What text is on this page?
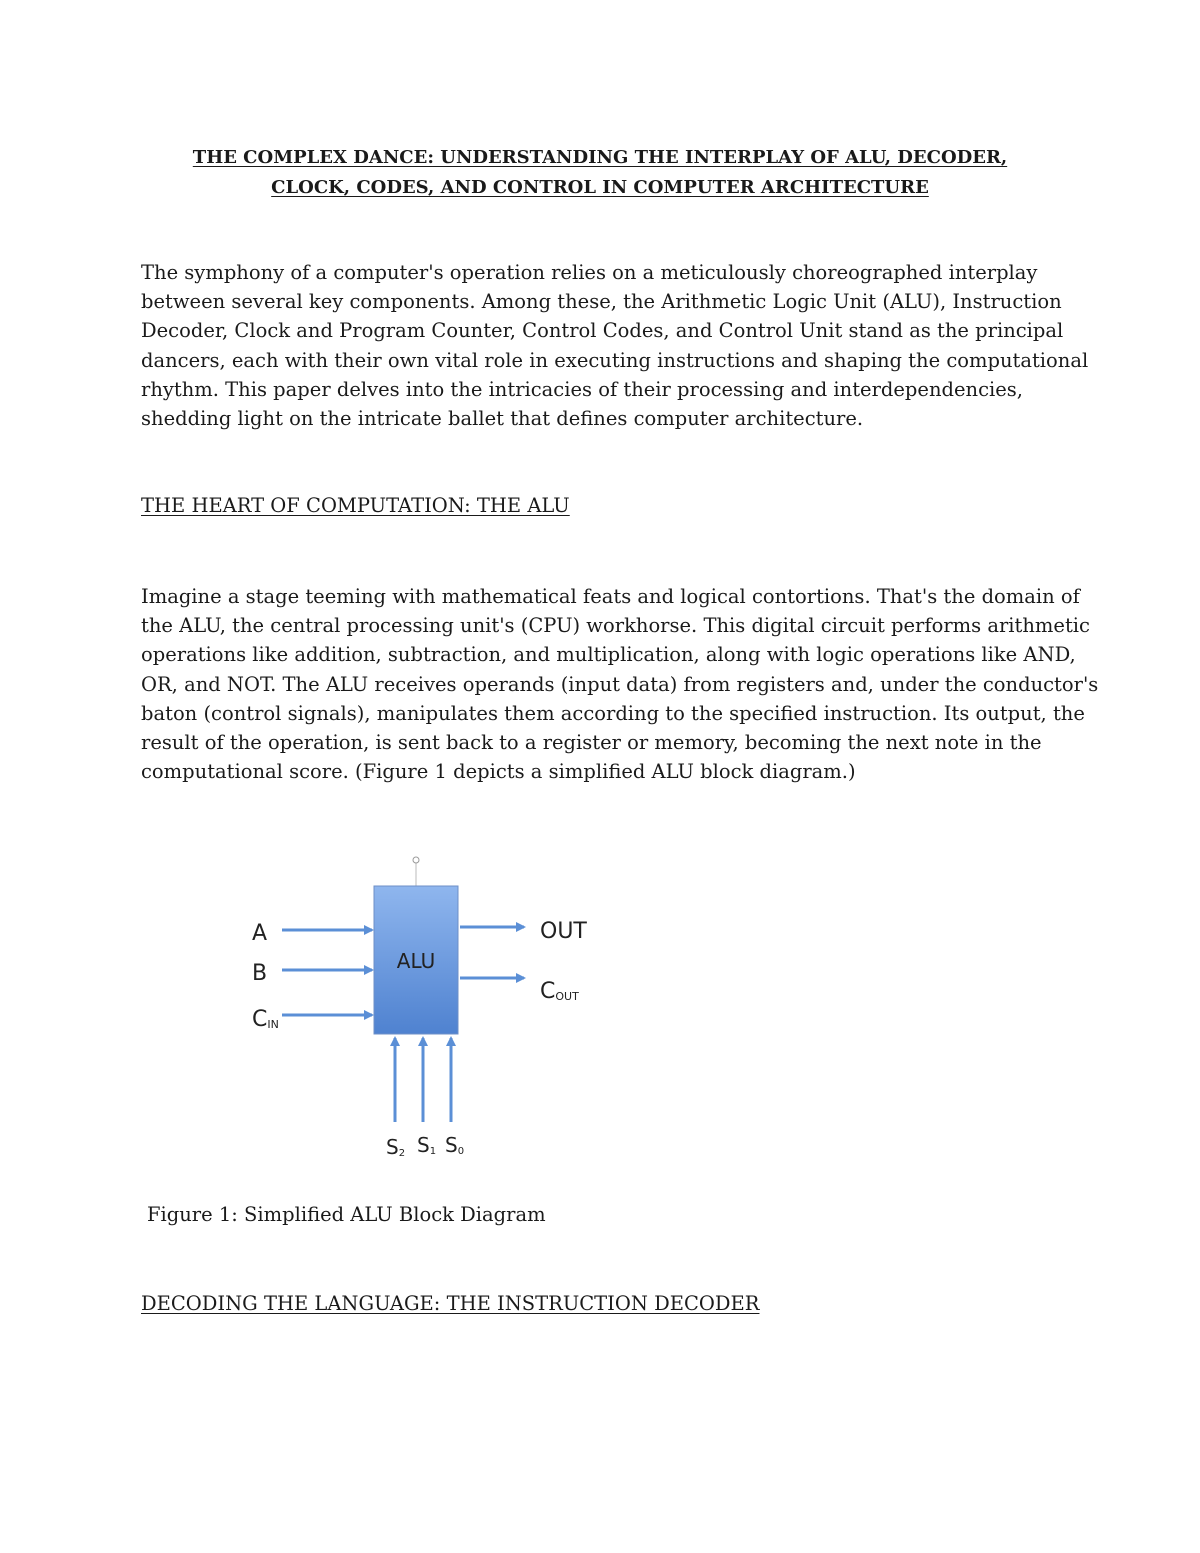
THE COMPLEX DANCE: UNDERSTANDING THE INTERPLAY OF ALU, DECODER,
CLOCK, CODES, AND CONTROL IN COMPUTER ARCHITECTURE
The symphony of a computer's operation relies on a meticulously choreographed interplay
between several key components. Among these, the Arithmetic Logic Unit (ALU), Instruction
Decoder, Clock and Program Counter, Control Codes, and Control Unit stand as the principal
dancers, each with their own vital role in executing instructions and shaping the computational
rhythm. This paper delves into the intricacies of their processing and interdependencies,
shedding light on the intricate ballet that defines computer architecture.
THE HEART OF COMPUTATION: THE ALU
Imagine a stage teeming with mathematical feats and logical contortions. That's the domain of
the ALU, the central processing unit's (CPU) workhorse. This digital circuit performs arithmetic
operations like addition, subtraction, and multiplication, along with logic operations like AND,
OR, and NOT. The ALU receives operands (input data) from registers and, under the conductor's
baton (control signals), manipulates them according to the specified instruction. Its output, the
result of the operation, is sent back to a register or memory, becoming the next note in the
computational score. (Figure 1 depicts a simplified ALU block diagram.)
ALU
A
B
CIN
OUT
COUT
S2 S1 S0
Figure 1: Simplified ALU Block Diagram
DECODING THE LANGUAGE: THE INSTRUCTION DECODER
